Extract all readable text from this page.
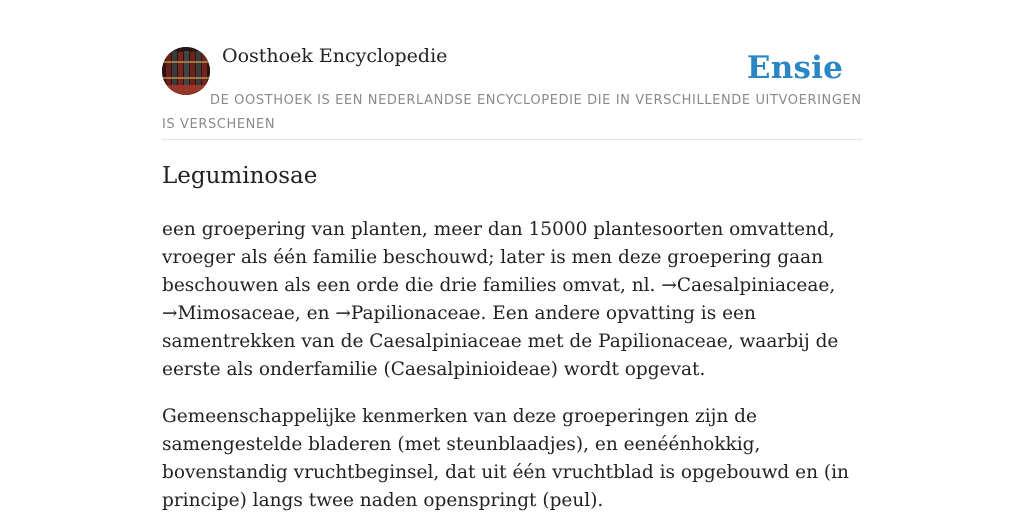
Oosthoek Encyclopedie	Ensie
DE OOSTHOEK IS EEN NEDERLANDSE ENCYCLOPEDIE DIE IN VERSCHILLENDE UITVOERINGEN IS VERSCHENEN
Leguminosae

een groepering van planten, meer dan 15000 plantesoorten omvattend, vroeger als één familie beschouwd; later is men deze groepering gaan beschouwen als een orde die drie families omvat, nl. →Caesalpiniaceae, →Mimosaceae, en →Papilionaceae. Een andere opvatting is een samentrekken van de Caesalpiniaceae met de Papilionaceae, waarbij de eerste als onderfamilie (Caesalpinioideae) wordt opgevat.

Gemeenschappelijke kenmerken van deze groeperingen zijn de samengestelde bladeren (met steunblaadjes), en eenéénhokkig, bovenstandig vruchtbeginsel, dat uit één vruchtblad is opgebouwd en (in principe) langs twee naden openspringt (peul).
